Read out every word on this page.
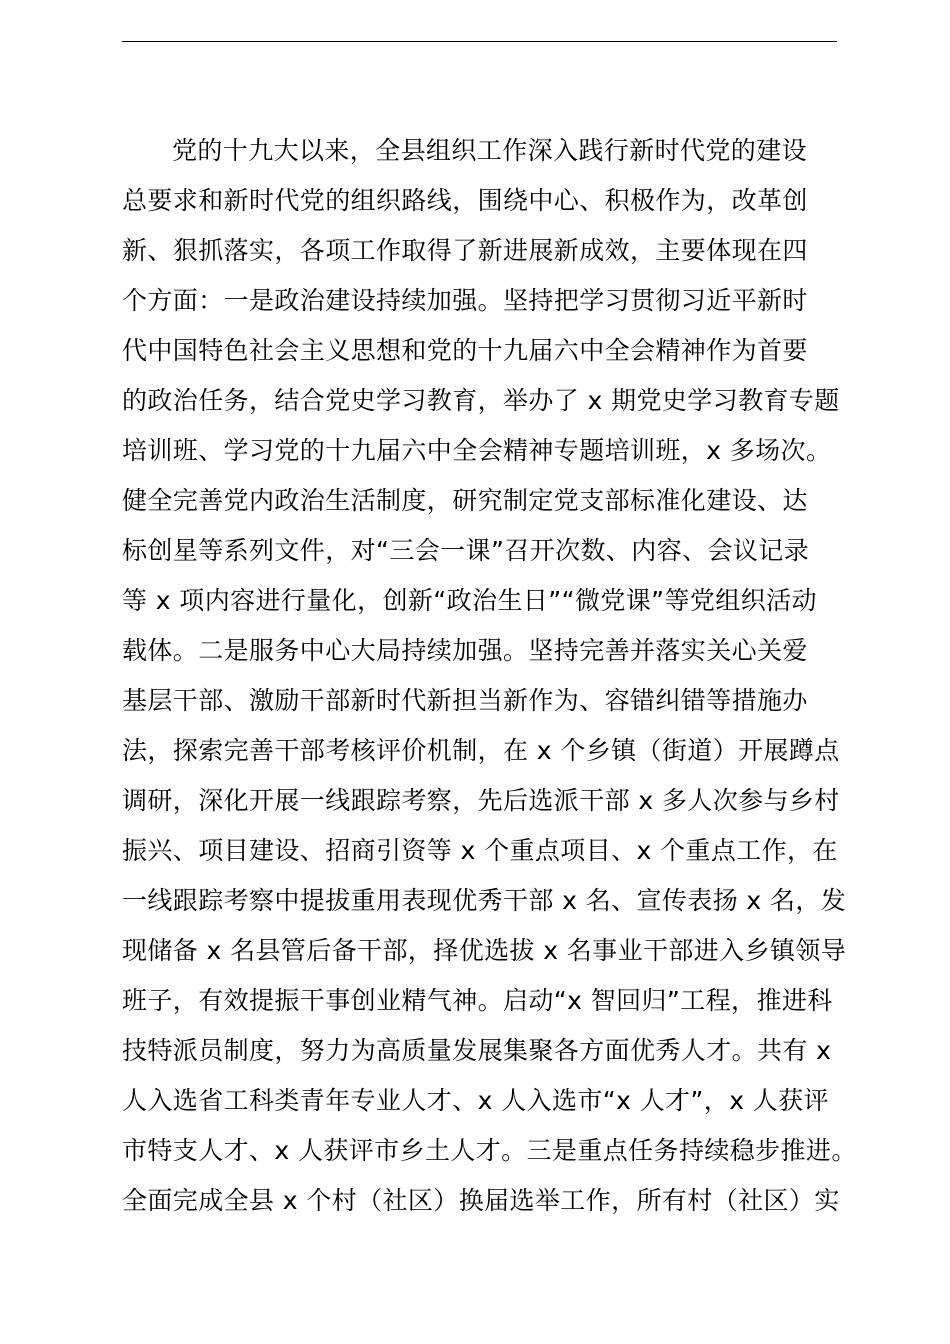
党的十九大以来，全县组织工作深入践行新时代党的建设
总要求和新时代党的组织路线，围绕中心、积极作为，改革创
新、狠抓落实，各项工作取得了新进展新成效，主要体现在四
个方面：一是政治建设持续加强。坚持把学习贯彻习近平新时
代中国特色社会主义思想和党的十九届六中全会精神作为首要
的政治任务，结合党史学习教育，举办了 x 期党史学习教育专题
培训班、学习党的十九届六中全会精神专题培训班，x 多场次。
健全完善党内政治生活制度，研究制定党支部标准化建设、达
标创星等系列文件，对“三会一课”召开次数、内容、会议记录
等 x 项内容进行量化，创新“政治生日”“微党课”等党组织活动
载体。二是服务中心大局持续加强。坚持完善并落实关心关爱
基层干部、激励干部新时代新担当新作为、容错纠错等措施办
法，探索完善干部考核评价机制，在 x 个乡镇（街道）开展蹲点
调研，深化开展一线跟踪考察，先后选派干部 x 多人次参与乡村
振兴、项目建设、招商引资等 x 个重点项目、x 个重点工作，在
一线跟踪考察中提拔重用表现优秀干部 x 名、宣传表扬 x 名，发
现储备 x 名县管后备干部，择优选拔 x 名事业干部进入乡镇领导
班子，有效提振干事创业精气神。启动“x 智回归”工程，推进科
技特派员制度，努力为高质量发展集聚各方面优秀人才。共有 x
人入选省工科类青年专业人才、x 人入选市“x 人才”，x 人获评
市特支人才、x 人获评市乡土人才。三是重点任务持续稳步推进。
全面完成全县 x 个村（社区）换届选举工作，所有村（社区）实
